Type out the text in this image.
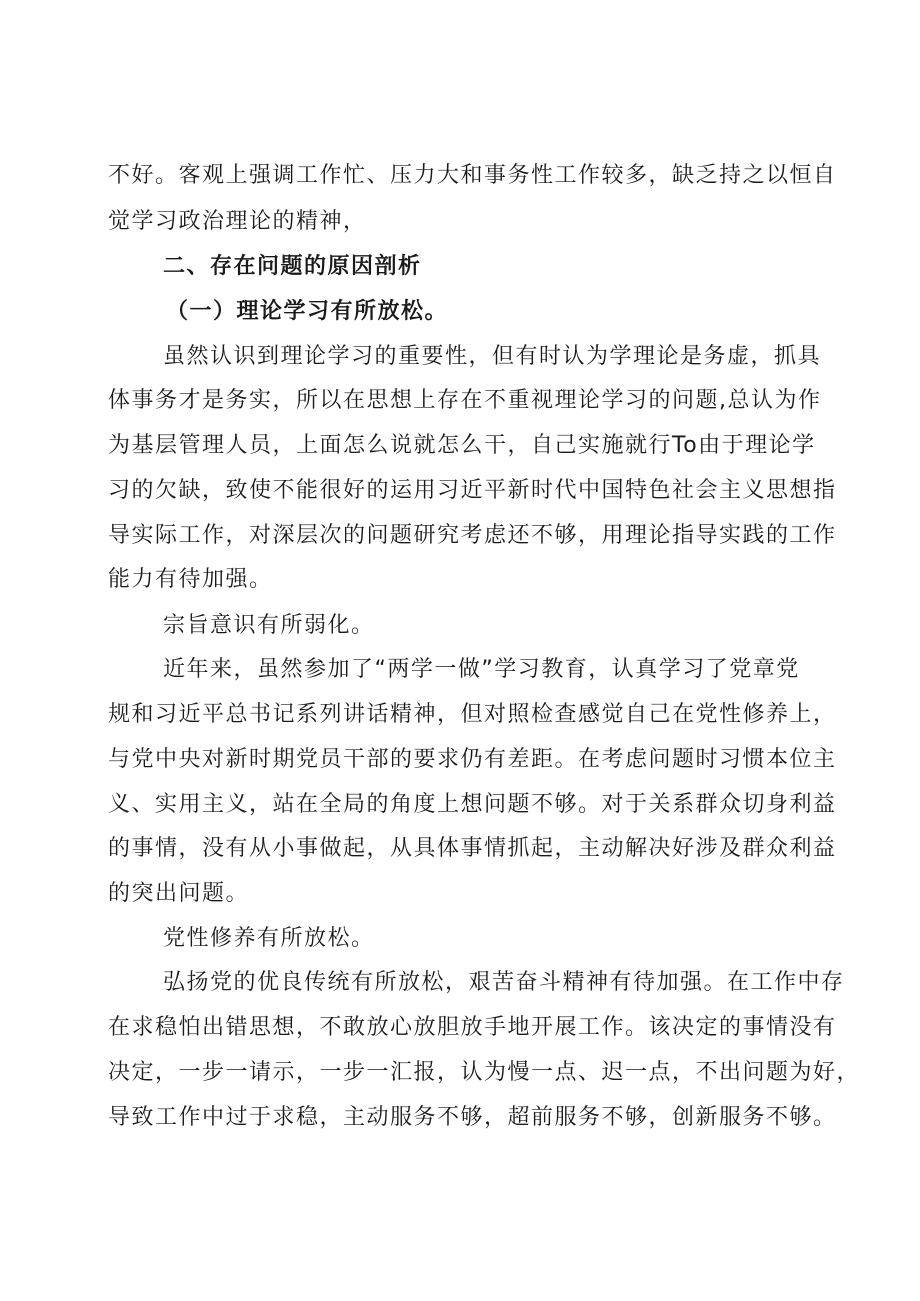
不好。客观上强调工作忙、压力大和事务性工作较多，缺乏持之以恒自
觉学习政治理论的精神，
二、存在问题的原因剖析
（一）理论学习有所放松。
虽然认识到理论学习的重要性，但有时认为学理论是务虚，抓具
体事务才是务实，所以在思想上存在不重视理论学习的问题,总认为作
为基层管理人员，上面怎么说就怎么干，自己实施就行To由于理论学
习的欠缺，致使不能很好的运用习近平新时代中国特色社会主义思想指
导实际工作，对深层次的问题研究考虑还不够，用理论指导实践的工作
能力有待加强。
宗旨意识有所弱化。
近年来，虽然参加了“两学一做”学习教育，认真学习了党章党
规和习近平总书记系列讲话精神，但对照检查感觉自己在党性修养上，
与党中央对新时期党员干部的要求仍有差距。在考虑问题时习惯本位主
义、实用主义，站在全局的角度上想问题不够。对于关系群众切身利益
的事情，没有从小事做起，从具体事情抓起，主动解决好涉及群众利益
的突出问题。
党性修养有所放松。
弘扬党的优良传统有所放松，艰苦奋斗精神有待加强。在工作中存
在求稳怕出错思想，不敢放心放胆放手地开展工作。该决定的事情没有
决定，一步一请示，一步一汇报，认为慢一点、迟一点，不出问题为好，
导致工作中过于求稳，主动服务不够，超前服务不够，创新服务不够。
